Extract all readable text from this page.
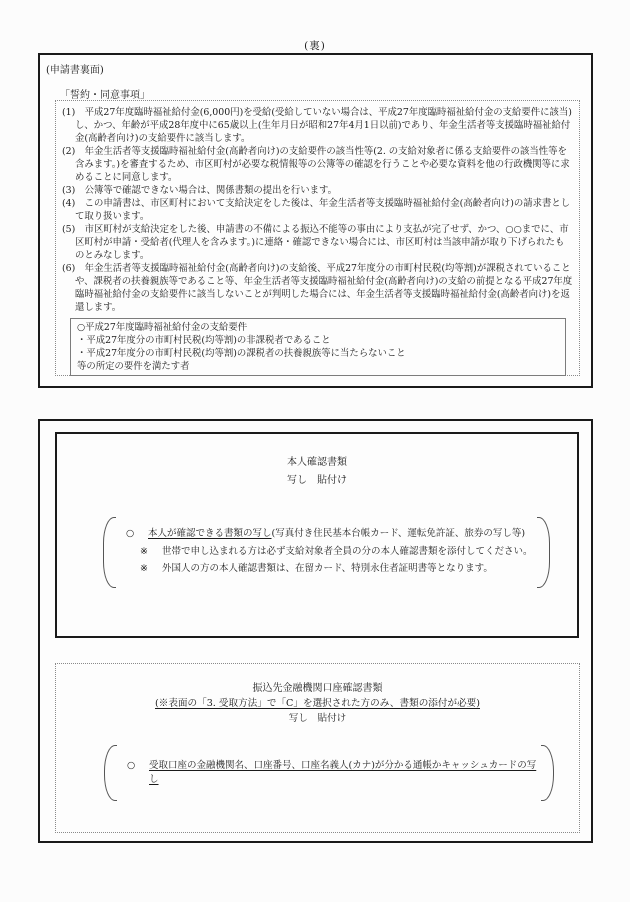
(裏)
(申請書裏面)
「誓約・同意事項」
(1)　平成27年度臨時福祉給付金(6,000円)を受給(受給していない場合は、平成27年度臨時福祉給付金の支給要件に該当)し、かつ、年齢が平成28年度中に65歳以上(生年月日が昭和27年4月1日以前)であり、年金生活者等支援臨時福祉給付金(高齢者向け)の支給要件に該当します。
(2)　年金生活者等支援臨時福祉給付金(高齢者向け)の支給要件の該当性等(2. の支給対象者に係る支給要件の該当性等を含みます。)を審査するため、市区町村が必要な税情報等の公簿等の確認を行うことや必要な資料を他の行政機関等に求めることに同意します。
(3)　公簿等で確認できない場合は、関係書類の提出を行います。
(4)　この申請書は、市区町村において支給決定をした後は、年金生活者等支援臨時福祉給付金(高齢者向け)の請求書として取り扱います。
(5)　市区町村が支給決定をした後、申請書の不備による振込不能等の事由により支払が完了せず、かつ、○○までに、市区町村が申請・受給者(代理人を含みます。)に連絡・確認できない場合には、市区町村は当該申請が取り下げられたものとみなします。
(6)　年金生活者等支援臨時福祉給付金(高齢者向け)の支給後、平成27年度分の市町村民税(均等割)が課税されていることや、課税者の扶養親族等であること等、年金生活者等支援臨時福祉給付金(高齢者向け)の支給の前提となる平成27年度臨時福祉給付金の支給要件に該当しないことが判明した場合には、年金生活者等支援臨時福祉給付金(高齢者向け)を返還します。
○平成27年度臨時福祉給付金の支給要件
・平成27年度分の市町村民税(均等割)の非課税者であること
・平成27年度分の市町村民税(均等割)の課税者の扶養親族等に当たらないこと
等の所定の要件を満たす者
本人確認書類
写し　貼付け
○	本人が確認できる書類の写し(写真付き住民基本台帳カード、運転免許証、旅券の写し等)
※	世帯で申し込まれる方は必ず支給対象者全員の分の本人確認書類を添付してください。
※	外国人の方の本人確認書類は、在留カード、特別永住者証明書等となります。
振込先金融機関口座確認書類
(※表面の「3. 受取方法」で「C」を選択された方のみ、書類の添付が必要)
写し　貼付け
○	受取口座の金融機関名、口座番号、口座名義人(カナ)が分かる通帳かキャッシュカードの写し
